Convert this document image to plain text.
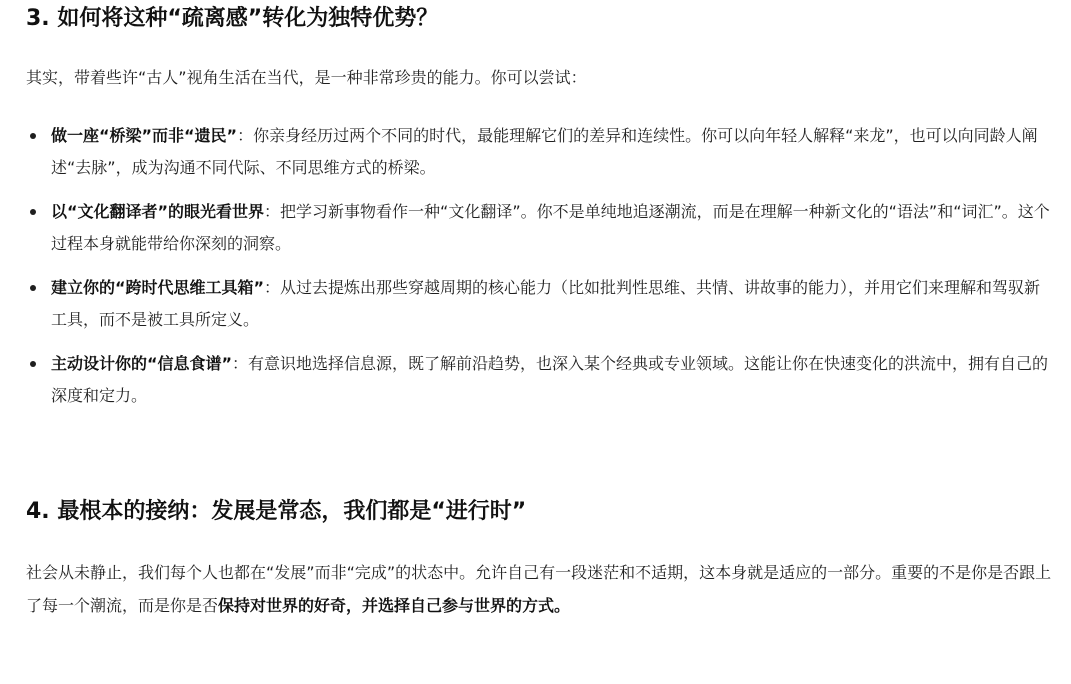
3. 如何将这种“疏离感”转化为独特优势？

其实，带着些许“古人”视角生活在当代，是一种非常珍贵的能力。你可以尝试：

做一座“桥梁”而非“遗民”：你亲身经历过两个不同的时代，最能理解它们的差异和连续性。你可以向年轻人解释“来龙”，也可以向同龄人阐述“去脉”，成为沟通不同代际、不同思维方式的桥梁。
以“文化翻译者”的眼光看世界：把学习新事物看作一种“文化翻译”。你不是单纯地追逐潮流，而是在理解一种新文化的“语法”和“词汇”。这个过程本身就能带给你深刻的洞察。
建立你的“跨时代思维工具箱”：从过去提炼出那些穿越周期的核心能力（比如批判性思维、共情、讲故事的能力），并用它们来理解和驾驭新工具，而不是被工具所定义。
主动设计你的“信息食谱”：有意识地选择信息源，既了解前沿趋势，也深入某个经典或专业领域。这能让你在快速变化的洪流中，拥有自己的深度和定力。
4. 最根本的接纳：发展是常态，我们都是“进行时”

社会从未静止，我们每个人也都在“发展”而非“完成”的状态中。允许自己有一段迷茫和不适期，这本身就是适应的一部分。重要的不是你是否跟上了每一个潮流，而是你是否保持对世界的好奇，并选择自己参与世界的方式。
